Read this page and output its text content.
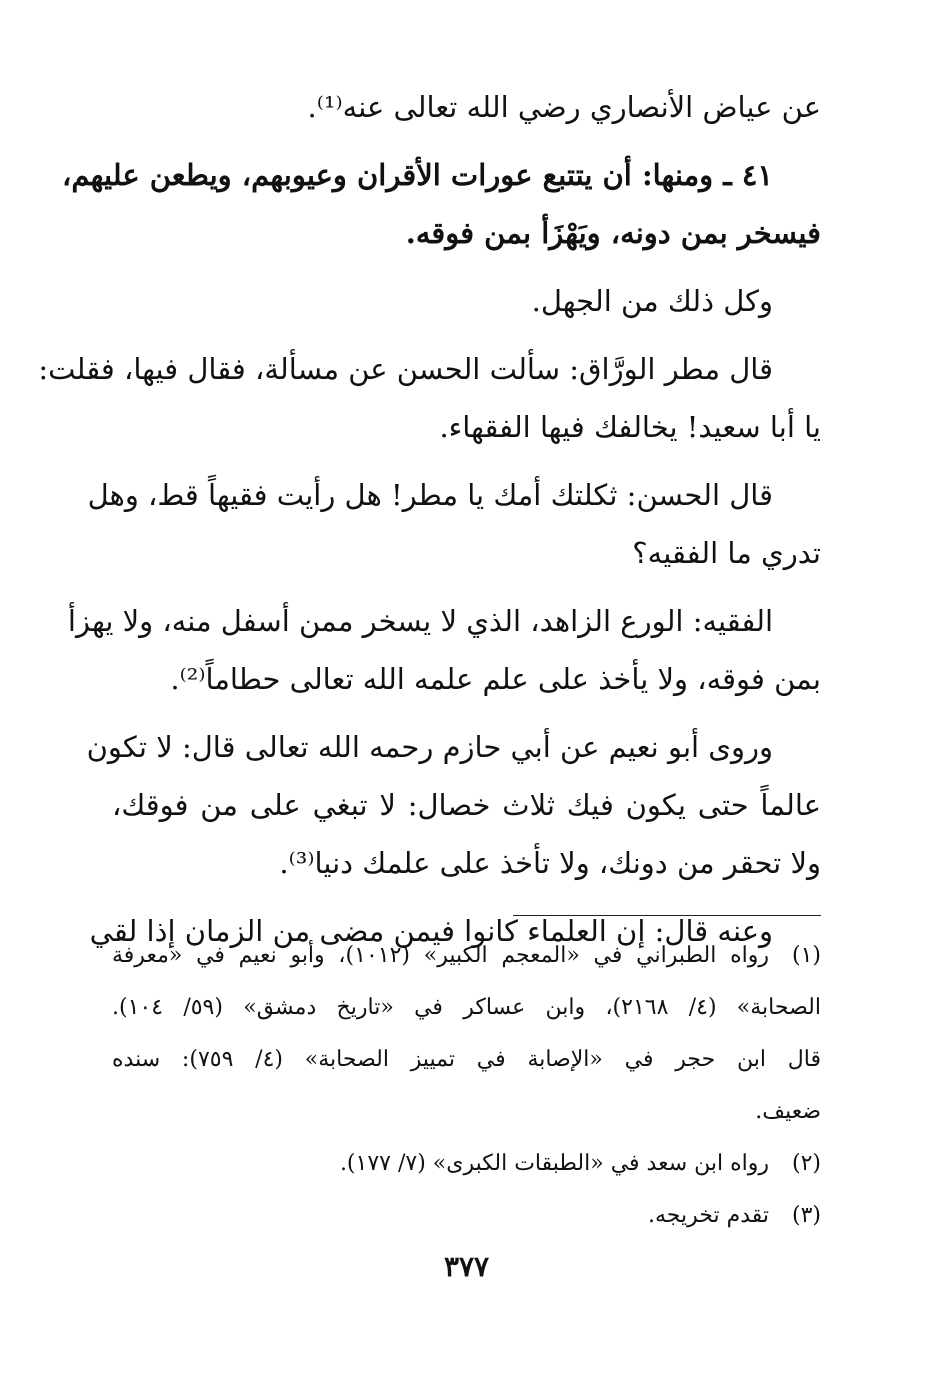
عن عياض الأنصاري رضي الله تعالى عنه⁽¹⁾.
٤١ ـ ومنها: أن يتتبع عورات الأقران وعيوبهم، ويطعن عليهم،
فيسخر بمن دونه، ويَهْزَأ بمن فوقه.
وكل ذلك من الجهل.
قال مطر الورَّاق: سألت الحسن عن مسألة، فقال فيها، فقلت:
يا أبا سعيد! يخالفك فيها الفقهاء.
قال الحسن: ثكلتك أمك يا مطر! هل رأيت فقيهاً قط، وهل
تدري ما الفقيه؟
الفقيه: الورع الزاهد، الذي لا يسخر ممن أسفل منه، ولا يهزأ
بمن فوقه، ولا يأخذ على علم علمه الله تعالى حطاماً⁽²⁾.
وروى أبو نعيم عن أبي حازم رحمه الله تعالى قال: لا تكون
عالماً حتى يكون فيك ثلاث خصال: لا تبغي على من فوقك،
ولا تحقر من دونك، ولا تأخذ على علمك دنيا⁽³⁾.
وعنه قال: إن العلماء كانوا فيمن مضى من الزمان إذا لقي
(١)رواه الطبراني في «المعجم الكبير» (١٠١٢)، وأبو نعيم في «معرفة
الصحابة» (٤/ ٢١٦٨)، وابن عساكر في «تاريخ دمشق» (٥٩/ ١٠٤).
قال ابن حجر في «الإصابة في تمييز الصحابة» (٤/ ٧٥٩): سنده
ضعيف.
(٢)رواه ابن سعد في «الطبقات الكبرى» (٧/ ١٧٧).
(٣)تقدم تخريجه.
٣٧٧
